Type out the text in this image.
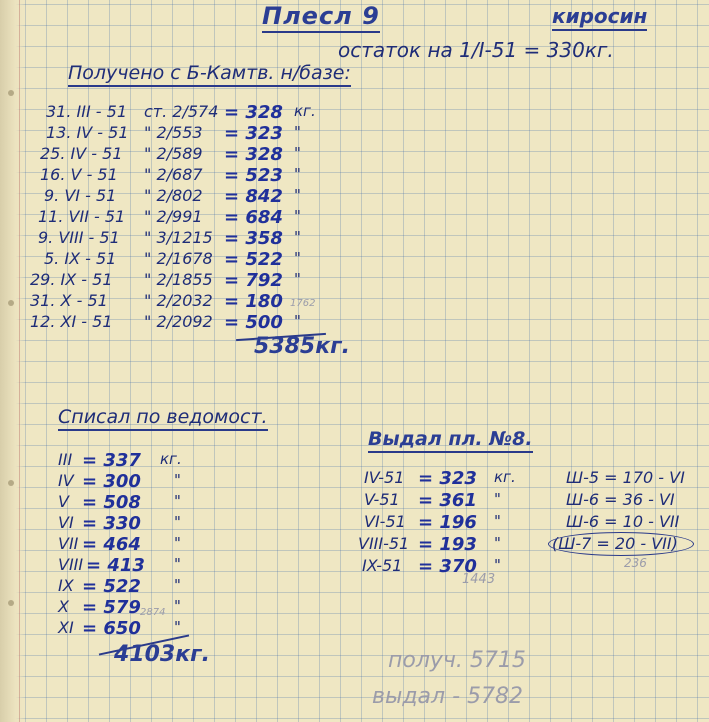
Плесл 9	киросин
остаток на 1/I-51 = 330кг.
Получено с Б-Камтв. н/базе:
31. III - 51 ст. 2/574 = 328 кг.
13. IV - 51 " 2/553 = 323 "
25. IV - 51 " 2/589 = 328 "
16. V - 51 " 2/687 = 523 "
9. VI - 51 " 2/802 = 842 "
11. VII - 51 " 2/991 = 684 "
9. VIII - 51 " 3/1215 = 358 "
5. IX - 51 " 2/1678 = 522 "
29. IX - 51 " 2/1855 = 792 "
31. X - 51 " 2/2032 = 180 1762
12. XI - 51 " 2/2092 = 500 "
5385кг.
Списал по ведомост.
III = 337 кг.
IV = 300 "
V = 508 "
VI = 330 "
VII = 464 "
VIII = 413 "
IX = 522 "
X = 579 2874 "
XI = 650 "
4103кг.
Выдал пл. №8.
IV-51 = 323 кг.
V-51 = 361 "
VI-51 = 196 "
VIII-51 = 193 "
IX-51 = 370 "
1443
Ш-5 = 170 - VI
Ш-6 = 36 - VI
Ш-6 = 10 - VII
(Ш-7 = 20 - VII)
236
получ. 5715
выдал - 5782
